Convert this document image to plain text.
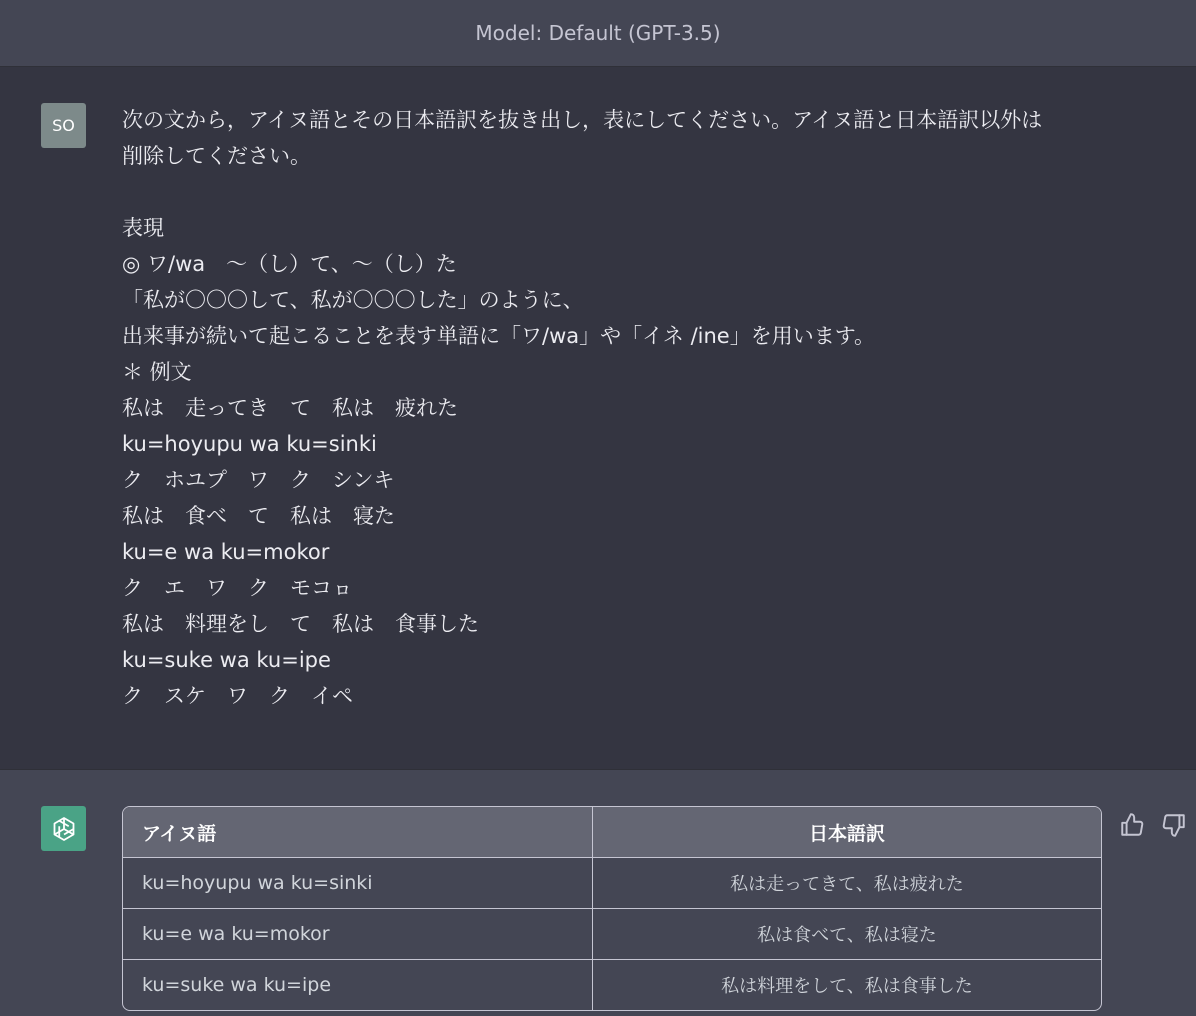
Model: Default (GPT-3.5)
SO 次の文から，アイヌ語とその日本語訳を抜き出し，表にしてください。アイヌ語と日本語訳以外は
削除してください。

表現
◎ ワ/wa　～（し）て、～（し）た
「私が〇〇〇して、私が〇〇〇した」のように、
出来事が続いて起こることを表す単語に「ワ/wa」や「イネ /ine」を用います。
＊ 例文
私は　走ってき　て　私は　疲れた
ku=hoyupu wa ku=sinki
ク　ホユプ　ワ　ク　シンキ
私は　食べ　て　私は　寝た
ku=e wa ku=mokor
ク　エ　ワ　ク　モコㇿ
私は　料理をし　て　私は　食事した
ku=suke wa ku=ipe
ク　スケ　ワ　ク　イペ
アイヌ語	日本語訳
ku=hoyupu wa ku=sinki	私は走ってきて、私は疲れた
ku=e wa ku=mokor	私は食べて、私は寝た
ku=suke wa ku=ipe	私は料理をして、私は食事した
